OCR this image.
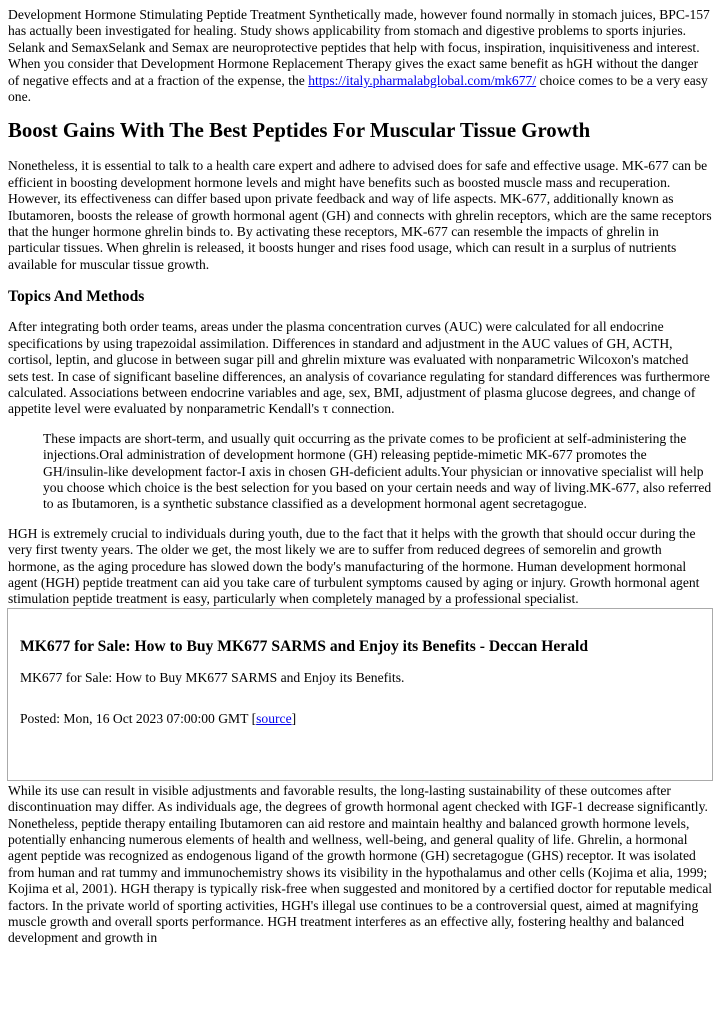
Development Hormone Stimulating Peptide Treatment Synthetically made, however found normally in stomach juices, BPC-157 has actually been investigated for healing. Study shows applicability from stomach and digestive problems to sports injuries. Selank and SemaxSelank and Semax are neuroprotective peptides that help with focus, inspiration, inquisitiveness and interest. When you consider that Development Hormone Replacement Therapy gives the exact same benefit as hGH without the danger of negative effects and at a fraction of the expense, the https://italy.pharmalabglobal.com/mk677/ choice comes to be a very easy one.

Boost Gains With The Best Peptides For Muscular Tissue Growth

Nonetheless, it is essential to talk to a health care expert and adhere to advised does for safe and effective usage. MK-677 can be efficient in boosting development hormone levels and might have benefits such as boosted muscle mass and recuperation. However, its effectiveness can differ based upon private feedback and way of life aspects. MK-677, additionally known as Ibutamoren, boosts the release of growth hormonal agent (GH) and connects with ghrelin receptors, which are the same receptors that the hunger hormone ghrelin binds to. By activating these receptors, MK-677 can resemble the impacts of ghrelin in particular tissues. When ghrelin is released, it boosts hunger and rises food usage, which can result in a surplus of nutrients available for muscular tissue growth.

Topics And Methods

After integrating both order teams, areas under the plasma concentration curves (AUC) were calculated for all endocrine specifications by using trapezoidal assimilation. Differences in standard and adjustment in the AUC values of GH, ACTH, cortisol, leptin, and glucose in between sugar pill and ghrelin mixture was evaluated with nonparametric Wilcoxon's matched sets test. In case of significant baseline differences, an analysis of covariance regulating for standard differences was furthermore calculated. Associations between endocrine variables and age, sex, BMI, adjustment of plasma glucose degrees, and change of appetite level were evaluated by nonparametric Kendall's τ connection.

These impacts are short-term, and usually quit occurring as the private comes to be proficient at self-administering the injections.Oral administration of development hormone (GH) releasing peptide-mimetic MK-677 promotes the GH/insulin-like development factor-I axis in chosen GH-deficient adults.Your physician or innovative specialist will help you choose which choice is the best selection for you based on your certain needs and way of living.MK-677, also referred to as Ibutamoren, is a synthetic substance classified as a development hormonal agent secretagogue.

HGH is extremely crucial to individuals during youth, due to the fact that it helps with the growth that should occur during the very first twenty years. The older we get, the most likely we are to suffer from reduced degrees of semorelin and growth hormone, as the aging procedure has slowed down the body's manufacturing of the hormone. Human development hormonal agent (HGH) peptide treatment can aid you take care of turbulent symptoms caused by aging or injury. Growth hormonal agent stimulation peptide treatment is easy, particularly when completely managed by a professional specialist.

MK677 for Sale: How to Buy MK677 SARMS and Enjoy its Benefits - Deccan Herald
MK677 for Sale: How to Buy MK677 SARMS and Enjoy its Benefits.
Posted: Mon, 16 Oct 2023 07:00:00 GMT [source]

While its use can result in visible adjustments and favorable results, the long-lasting sustainability of these outcomes after discontinuation may differ. As individuals age, the degrees of growth hormonal agent checked with IGF-1 decrease significantly. Nonetheless, peptide therapy entailing Ibutamoren can aid restore and maintain healthy and balanced growth hormone levels, potentially enhancing numerous elements of health and wellness, well-being, and general quality of life. Ghrelin, a hormonal agent peptide was recognized as endogenous ligand of the growth hormone (GH) secretagogue (GHS) receptor. It was isolated from human and rat tummy and immunochemistry shows its visibility in the hypothalamus and other cells (Kojima et alia, 1999; Kojima et al, 2001). HGH therapy is typically risk-free when suggested and monitored by a certified doctor for reputable medical factors. In the private world of sporting activities, HGH's illegal use continues to be a controversial quest, aimed at magnifying muscle growth and overall sports performance. HGH treatment interferes as an effective ally, fostering healthy and balanced development and growth in
